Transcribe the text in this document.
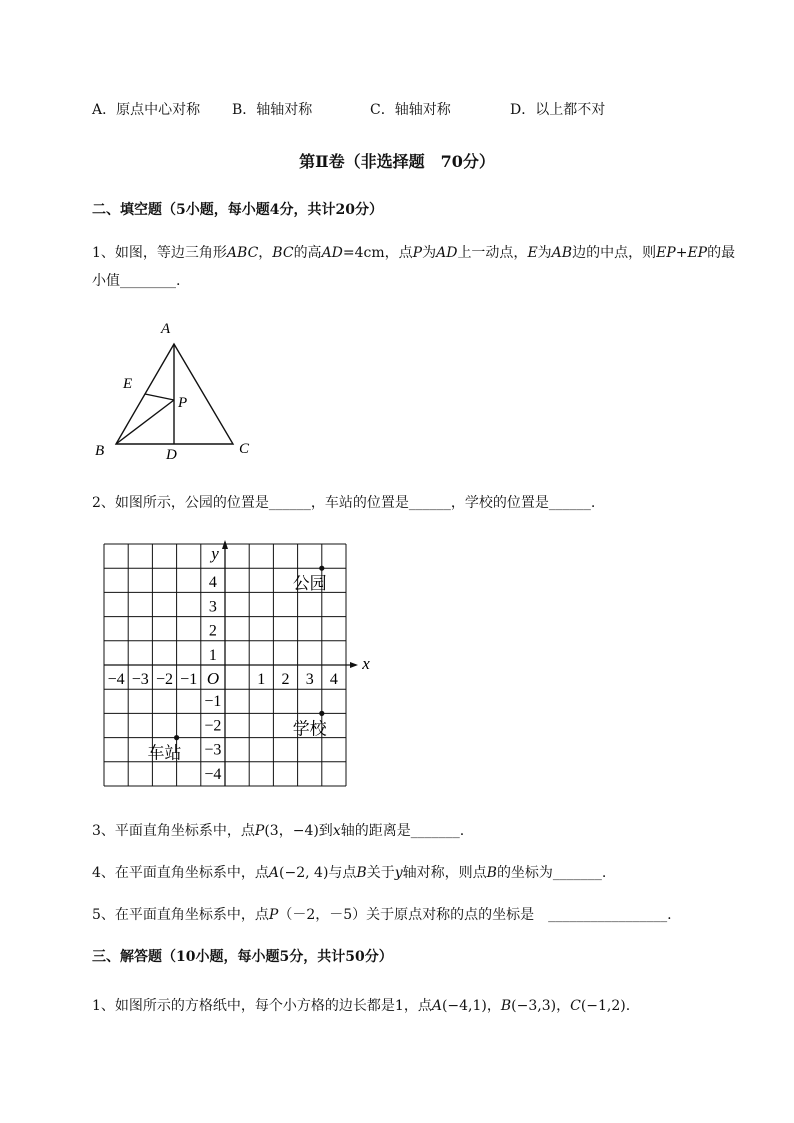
A．原点中心对称 B．轴轴对称	C．轴轴对称	D．以上都不对
第Ⅱ卷（非选择题　70分）
二、填空题（5小题，每小题4分，共计20分）
1、如图，等边三角形ABC，BC的高AD=4cm，点P为AD上一动点，E为AB边的中点，则EP+EP的最
小值________.
A
E
P
B	D	C
2、如图所示，公园的位置是______，车站的位置是______，学校的位置是______.
y
x
O
−4 −3 −2 −1	1 2 3 4
4
3
2
1
−1
−2
−3
−4
公园
学校
车站
3、平面直角坐标系中，点P(3，−4)到x轴的距离是_______.
4、在平面直角坐标系中，点A(−2, 4)与点B关于y轴对称，则点B的坐标为_______.
5、在平面直角坐标系中，点P（－2，－5）关于原点对称的点的坐标是　_________________.
三、解答题（10小题，每小题5分，共计50分）
1、如图所示的方格纸中，每个小方格的边长都是1，点A(−4,1)，B(−3,3)，C(−1,2).
